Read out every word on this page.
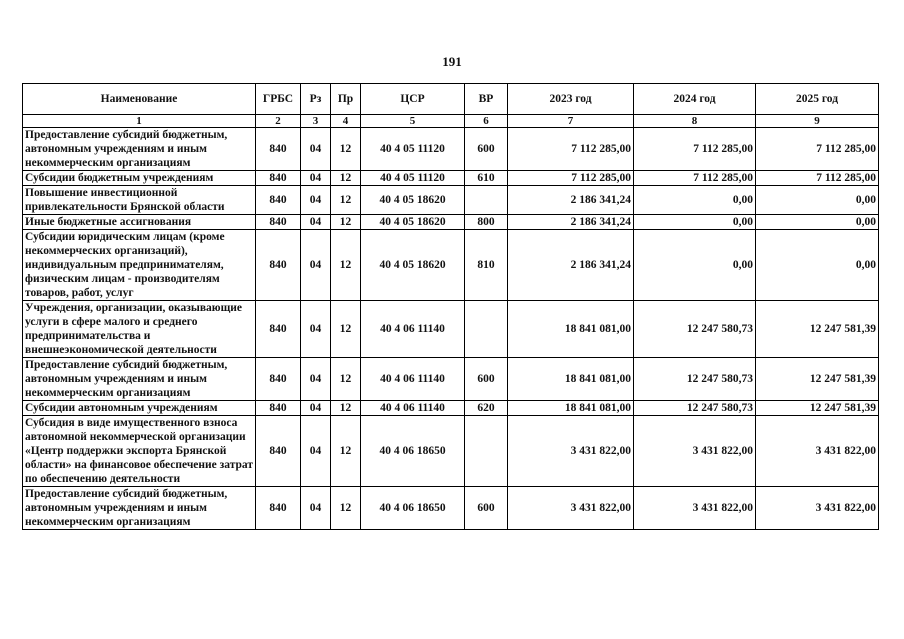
191
Наименование	ГРБС	Рз	Пр	ЦСР	ВР	2023 год	2024 год	2025 год
1	2	3	4	5	6	7	8	9
Предоставление субсидий бюджетным, автономным учреждениям и иным некоммерческим организациям	840	04	12	40 4 05 11120	600	7 112 285,00	7 112 285,00	7 112 285,00
Субсидии бюджетным учреждениям	840	04	12	40 4 05 11120	610	7 112 285,00	7 112 285,00	7 112 285,00
Повышение инвестиционной привлекательности Брянской области	840	04	12	40 4 05 18620		2 186 341,24	0,00	0,00
Иные бюджетные ассигнования	840	04	12	40 4 05 18620	800	2 186 341,24	0,00	0,00
Субсидии юридическим лицам (кроме некоммерческих организаций), индивидуальным предпринимателям, физическим лицам - производителям товаров, работ, услуг	840	04	12	40 4 05 18620	810	2 186 341,24	0,00	0,00
Учреждения, организации, оказывающие услуги в сфере малого и среднего предпринимательства и внешнеэкономической деятельности	840	04	12	40 4 06 11140		18 841 081,00	12 247 580,73	12 247 581,39
Предоставление субсидий бюджетным, автономным учреждениям и иным некоммерческим организациям	840	04	12	40 4 06 11140	600	18 841 081,00	12 247 580,73	12 247 581,39
Субсидии автономным учреждениям	840	04	12	40 4 06 11140	620	18 841 081,00	12 247 580,73	12 247 581,39
Субсидия в виде имущественного взноса автономной некоммерческой организации «Центр поддержки экспорта Брянской области» на финансовое обеспечение затрат по обеспечению деятельности	840	04	12	40 4 06 18650		3 431 822,00	3 431 822,00	3 431 822,00
Предоставление субсидий бюджетным, автономным учреждениям и иным некоммерческим организациям	840	04	12	40 4 06 18650	600	3 431 822,00	3 431 822,00	3 431 822,00
